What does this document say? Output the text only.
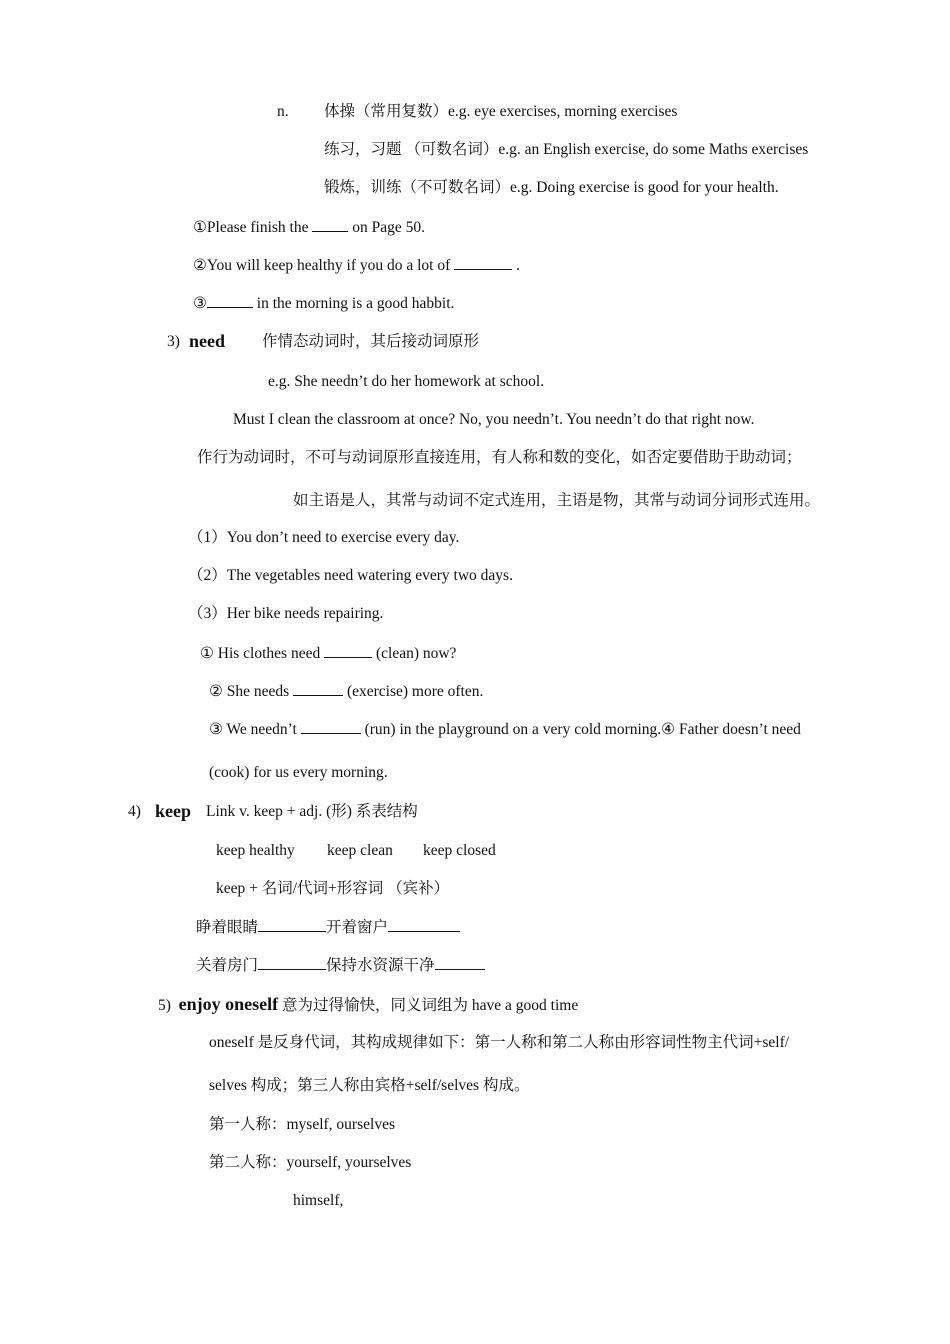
n. 体操（常用复数）e.g. eye exercises, morning exercises
练习，习题 （可数名词）e.g. an English exercise, do some Maths exercises
锻炼，训练（不可数名词）e.g. Doing exercise is good for your health.
①Please finish the  on Page 50.
②You will keep healthy if you do a lot of	.
③	in the morning is a good habbit.
3) need 作情态动词时，其后接动词原形
e.g. She needn’t do her homework at school.
Must I clean the classroom at once? No, you needn’t. You needn’t do that right now.
作行为动词时，不可与动词原形直接连用，有人称和数的变化，如否定要借助于助动词；
如主语是人，其常与动词不定式连用，主语是物，其常与动词分词形式连用。
（1）You don’t need to exercise every day.
（2）The vegetables need watering every two days.
（3）Her bike needs repairing.
① His clothes need	(clean) now?
② She needs	(exercise) more often.
③ We needn’t	(run) in the playground on a very cold morning.④ Father doesn’t need
(cook) for us every morning.
4) keep Link v. keep + adj. (形) 系表结构
keep healthy keep clean keep closed
keep + 名词/代词+形容词 （宾补）
睁着眼睛	开着窗户
关着房门	保持水资源干净
5) enjoy oneself 意为过得愉快，同义词组为 have a good time
oneself 是反身代词，其构成规律如下：第一人称和第二人称由形容词性物主代词+self/
selves 构成；第三人称由宾格+self/selves 构成。
第一人称：myself, ourselves
第二人称：yourself, yourselves
himself,
